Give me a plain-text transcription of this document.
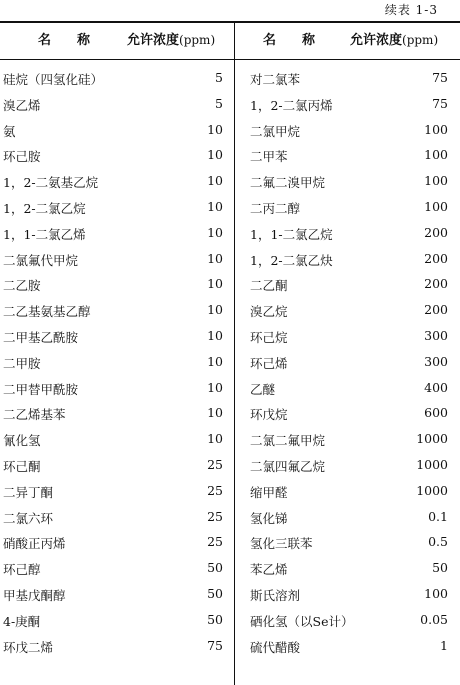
续表 1-3
名　　称	允许浓度(ppm)	名　　称	允许浓度(ppm)
硅烷（四氢化硅）	5 对二氯苯	75
溴乙烯	5 1，2-二氯丙烯	75
氨	10 二氯甲烷	100
环己胺	10 二甲苯	100
1，2-二氨基乙烷	10 二氟二溴甲烷	100
1，2-二氯乙烷	10 二丙二醇	100
1，1-二氯乙烯	10 1，1-二氯乙烷	200
二氯氟代甲烷	10 1，2-二氯乙炔	200
二乙胺	10 二乙酮	200
二乙基氨基乙醇	10 溴乙烷	200
二甲基乙酰胺	10 环己烷	300
二甲胺	10 环己烯	300
二甲替甲酰胺	10 乙醚	400
二乙烯基苯	10 环戊烷	600
氰化氢	10 二氯二氟甲烷	1000
环己酮	25 二氯四氟乙烷	1000
二异丁酮	25 缩甲醛	1000
二氯六环	25 氢化锑	0.1
硝酸正丙烯	25 氢化三联苯	0.5
环己醇	50 苯乙烯	50
甲基戊酮醇	50 斯氏溶剂	100
4-庚酮	50 硒化氢（以Se计）	0.05
环戊二烯	75 硫代醋酸	1
